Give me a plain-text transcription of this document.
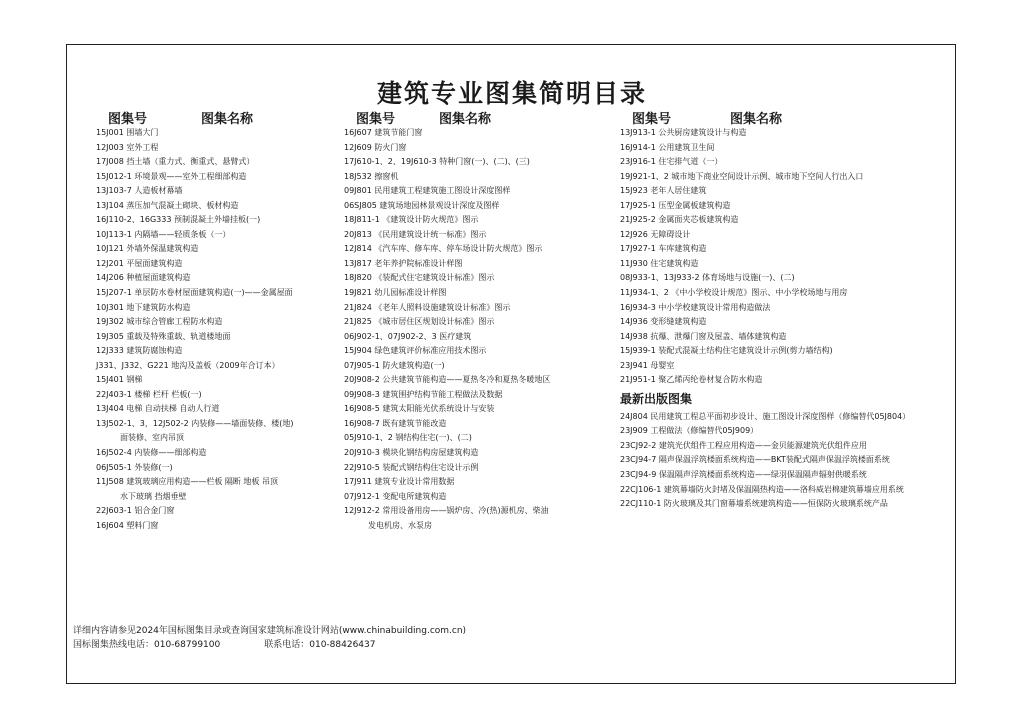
建筑专业图集简明目录
图集号	图集名称
15J001 围墙大门
12J003 室外工程
17J008 挡土墙（重力式、衡重式、悬臂式）
15J012-1 环境景观——室外工程细部构造
13J103-7 人造板材幕墙
13J104 蒸压加气混凝土砌块、板材构造
16J110-2、16G333 预制混凝土外墙挂板(一)
10J113-1 内隔墙——轻质条板（一）
10J121 外墙外保温建筑构造
12J201 平屋面建筑构造
14J206 种植屋面建筑构造
15J207-1 单层防水卷材屋面建筑构造(一)——金属屋面
10J301 地下建筑防水构造
19J302 城市综合管廊工程防水构造
19J305 重载及特殊重载、轨道楼地面
12J333 建筑防腐蚀构造
J331、J332、G221 地沟及盖板（2009年合订本）
15J401 钢梯
22J403-1 楼梯 栏杆 栏板(一)
13J404 电梯 自动扶梯 自动人行道
13J502-1、3，12J502-2 内装修——墙面装修、楼(地)
面装修、室内吊顶
16J502-4 内装修——细部构造
06J505-1 外装修(一)
11J508 建筑玻璃应用构造——栏板 隔断 地板 吊顶
水下玻璃 挡烟垂壁
22J603-1 铝合金门窗
16J604 塑料门窗
图集号	图集名称
16J607 建筑节能门窗
12J609 防火门窗
17J610-1、2、19J610-3 特种门窗(一)、(二)、(三)
18J532 擦窗机
09J801 民用建筑工程建筑施工图设计深度图样
06SJ805 建筑场地园林景观设计深度及图样
18J811-1 《建筑设计防火规范》图示
20J813 《民用建筑设计统一标准》图示
12J814 《汽车库、修车库、停车场设计防火规范》图示
13J817 老年养护院标准设计样图
18J820 《装配式住宅建筑设计标准》图示
19J821 幼儿园标准设计样图
21J824 《老年人照料设施建筑设计标准》图示
21J825 《城市居住区规划设计标准》图示
06J902-1、07J902-2、3 医疗建筑
15J904 绿色建筑评价标准应用技术图示
07J905-1 防火建筑构造(一)
20J908-2 公共建筑节能构造——夏热冬冷和夏热冬暖地区
09J908-3 建筑围护结构节能工程做法及数据
16J908-5 建筑太阳能光伏系统设计与安装
16J908-7 既有建筑节能改造
05J910-1、2 钢结构住宅(一)、(二)
20J910-3 模块化钢结构房屋建筑构造
22J910-5 装配式钢结构住宅设计示例
17J911 建筑专业设计常用数据
07J912-1 变配电所建筑构造
12J912-2 常用设备用房——锅炉房、冷(热)源机房、柴油
发电机房、水泵房
图集号	图集名称
13J913-1 公共厨房建筑设计与构造
16J914-1 公用建筑卫生间
23J916-1 住宅排气道（一）
19J921-1、2 城市地下商业空间设计示例、城市地下空间人行出入口
15J923 老年人居住建筑
17J925-1 压型金属板建筑构造
21J925-2 金属面夹芯板建筑构造
12J926 无障碍设计
17J927-1 车库建筑构造
11J930 住宅建筑构造
08J933-1、13J933-2 体育场地与设施(一)、(二)
11J934-1、2 《中小学校设计规范》图示、中小学校场地与用房
16J934-3 中小学校建筑设计常用构造做法
14J936 变形缝建筑构造
14J938 抗爆、泄爆门窗及屋盖、墙体建筑构造
15J939-1 装配式混凝土结构住宅建筑设计示例(剪力墙结构)
23J941 母婴室
21J951-1 聚乙烯丙纶卷材复合防水构造
最新出版图集
24J804 民用建筑工程总平面初步设计、施工图设计深度图样（修编替代05J804）
23J909 工程做法（修编替代05J909）
23CJ92-2 建筑光伏组件工程应用构造——金贝能源建筑光伏组件应用
23CJ94-7 隔声保温浮筑楼面系统构造——BKT装配式隔声保温浮筑楼面系统
23CJ94-9 保温隔声浮筑楼面系统构造——绿羽保温隔声辐射供暖系统
22CJ106-1 建筑幕墙防火封堵及保温隔热构造——洛科威岩棉建筑幕墙应用系统
22CJ110-1 防火玻璃及其门窗幕墙系统建筑构造——恒保防火玻璃系统产品
详细内容请参见2024年国标图集目录或查询国家建筑标准设计网站(www.chinabuilding.com.cn)
国标图集热线电话：010-68799100	联系电话：010-88426437
